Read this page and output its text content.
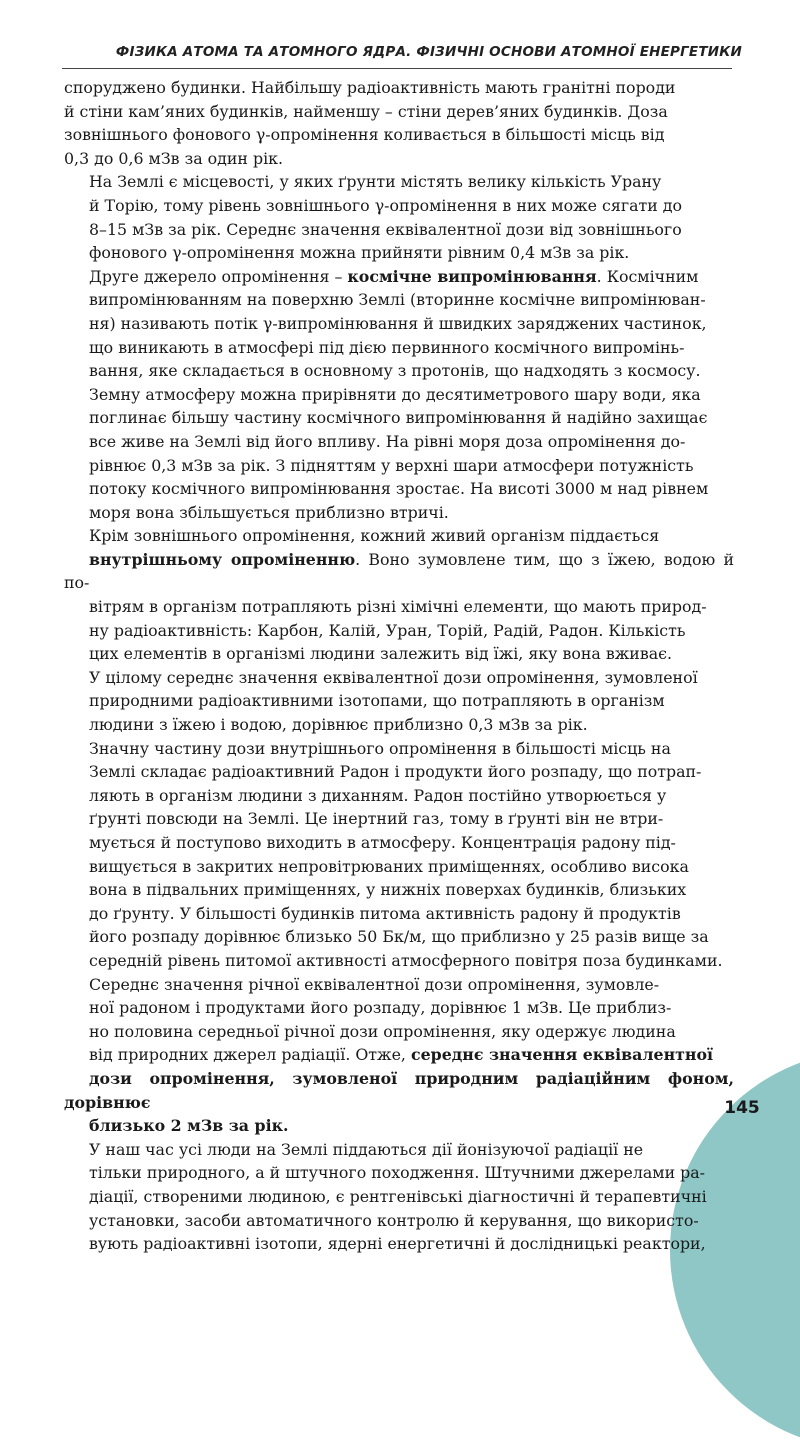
ФІЗИКА АТОМА ТА АТОМНОГО ЯДРА. ФІЗИЧНІ ОСНОВИ АТОМНОЇ ЕНЕРГЕТИКИ

споруджено будинки. Найбільшу радіоактивність мають гранітні породи
й стіни кам’яних будинків, найменшу – стіни дерев’яних будинків. Доза
зовнішнього фонового γ-опромінення коливається в більшості місць від
0,3 до 0,6 мЗв за один рік.

На Землі є місцевості, у яких ґрунти містять велику кількість Урану
й Торію, тому рівень зовнішнього γ-опромінення в них може сягати до
8–15 мЗв за рік. Середнє значення еквівалентної дози від зовнішнього
фонового γ-опромінення можна прийняти рівним 0,4 мЗв за рік.

Друге джерело опромінення – космічне випромінювання. Космічним
випромінюванням на поверхню Землі (вторинне космічне випромінюван-
ня) називають потік γ-випромінювання й швидких заряджених частинок,
що виникають в атмосфері під дією первинного космічного випромінь-
вання, яке складається в основному з протонів, що надходять з космосу.
Земну атмосферу можна прирівняти до десятиметрового шару води, яка
поглинає більшу частину космічного випромінювання й надійно захищає
все живе на Землі від його впливу. На рівні моря доза опромінення до-
рівнює 0,3 мЗв за рік. З підняттям у верхні шари атмосфери потужність
потоку космічного випромінювання зростає. На висоті 3000 м над рівнем
моря вона збільшується приблизно втричі.

Крім зовнішнього опромінення, кожний живий організм піддається
внутрішньому опроміненню. Воно зумовлене тим, що з їжею, водою й по-
вітрям в організм потрапляють різні хімічні елементи, що мають природ-
ну радіоактивність: Карбон, Калій, Уран, Торій, Радій, Радон. Кількість
цих елементів в організмі людини залежить від їжі, яку вона вживає.
У цілому середнє значення еквівалентної дози опромінення, зумовленої
природними радіоактивними ізотопами, що потрапляють в організм
людини з їжею і водою, дорівнює приблизно 0,3 мЗв за рік.

Значну частину дози внутрішнього опромінення в більшості місць на
Землі складає радіоактивний Радон і продукти його розпаду, що потрап-
ляють в організм людини з диханням. Радон постійно утворюється у
ґрунті повсюди на Землі. Це інертний газ, тому в ґрунті він не втри-
мується й поступово виходить в атмосферу. Концентрація радону під-
вищується в закритих непровітрюваних приміщеннях, особливо висока
вона в підвальних приміщеннях, у нижніх поверхах будинків, близьких
до ґрунту. У більшості будинків питома активність радону й продуктів
його розпаду дорівнює близько 50 Бк/м, що приблизно у 25 разів вище за
середній рівень питомої активності атмосферного повітря поза будинками.

Середнє значення річної еквівалентної дози опромінення, зумовле-
ної радоном і продуктами його розпаду, дорівнює 1 мЗв. Це приблиз-
но половина середньої річної дози опромінення, яку одержує людина
від природних джерел радіації. Отже, середнє значення еквівалентної
дози опромінення, зумовленої природним радіаційним фоном, дорівнює
близько 2 мЗв за рік.

У наш час усі люди на Землі піддаються дії йонізуючої радіації не
тільки природного, а й штучного походження. Штучними джерелами ра-
діації, створеними людиною, є рентгенівські діагностичні й терапевтичні
установки, засоби автоматичного контролю й керування, що використо-
вують радіоактивні ізотопи, ядерні енергетичні й дослідницькі реактори,

145
